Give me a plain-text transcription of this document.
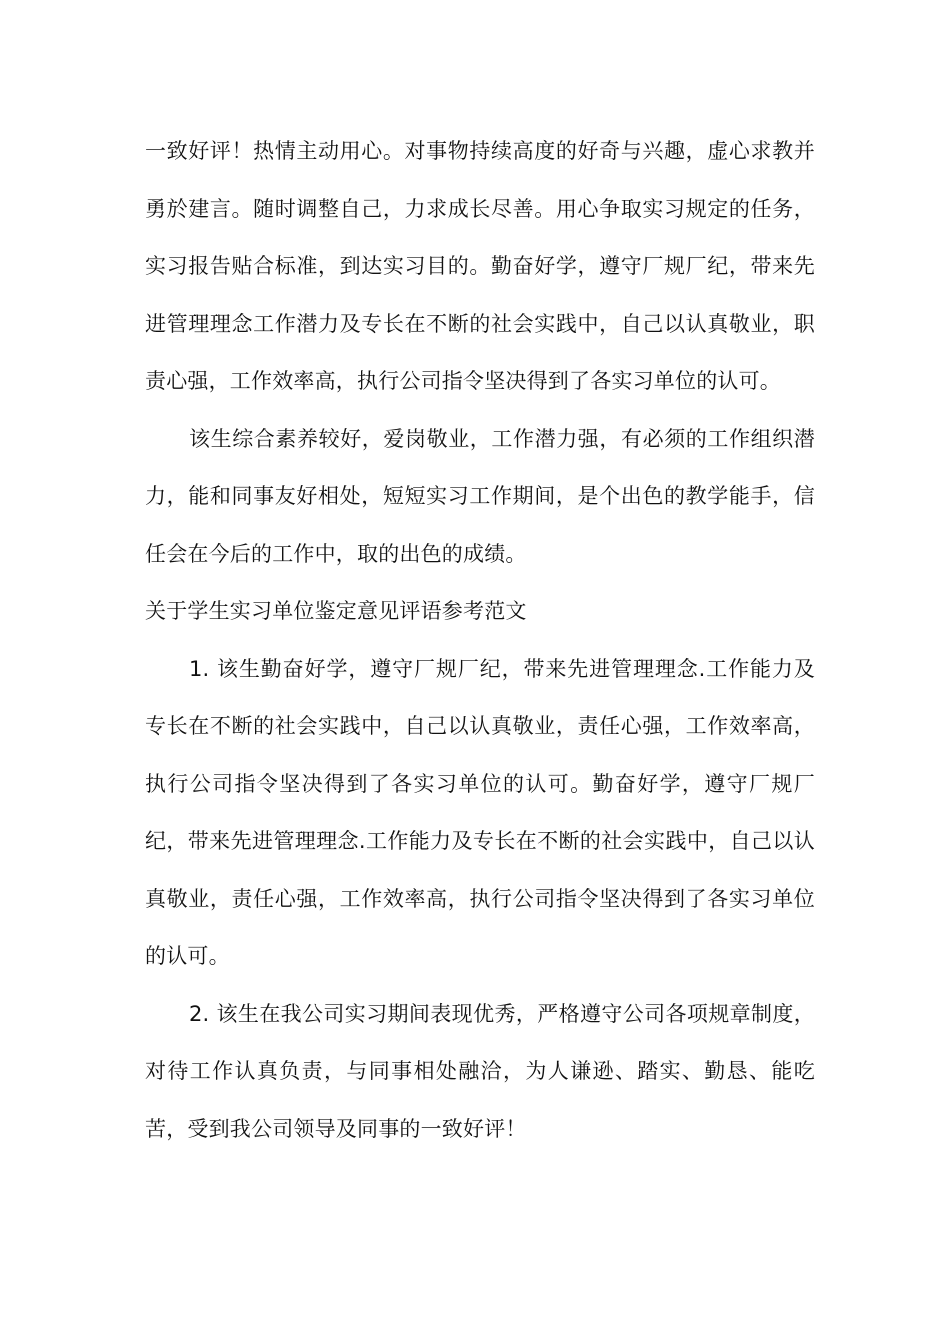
一致好评！热情主动用心。对事物持续高度的好奇与兴趣，虚心求教并勇於建言。随时调整自己，力求成长尽善。用心争取实习规定的任务，实习报告贴合标准，到达实习目的。勤奋好学，遵守厂规厂纪，带来先进管理理念工作潜力及专长在不断的社会实践中，自己以认真敬业，职责心强，工作效率高，执行公司指令坚决得到了各实习单位的认可。

该生综合素养较好，爱岗敬业，工作潜力强，有必须的工作组织潜力，能和同事友好相处，短短实习工作期间，是个出色的教学能手，信任会在今后的工作中，取的出色的成绩。

关于学生实习单位鉴定意见评语参考范文

1. 该生勤奋好学，遵守厂规厂纪，带来先进管理理念.工作能力及专长在不断的社会实践中，自己以认真敬业，责任心强，工作效率高，执行公司指令坚决得到了各实习单位的认可。勤奋好学，遵守厂规厂纪，带来先进管理理念.工作能力及专长在不断的社会实践中，自己以认真敬业，责任心强，工作效率高，执行公司指令坚决得到了各实习单位的认可。

2. 该生在我公司实习期间表现优秀，严格遵守公司各项规章制度，对待工作认真负责，与同事相处融洽，为人谦逊、踏实、勤恳、能吃苦，受到我公司领导及同事的一致好评！
